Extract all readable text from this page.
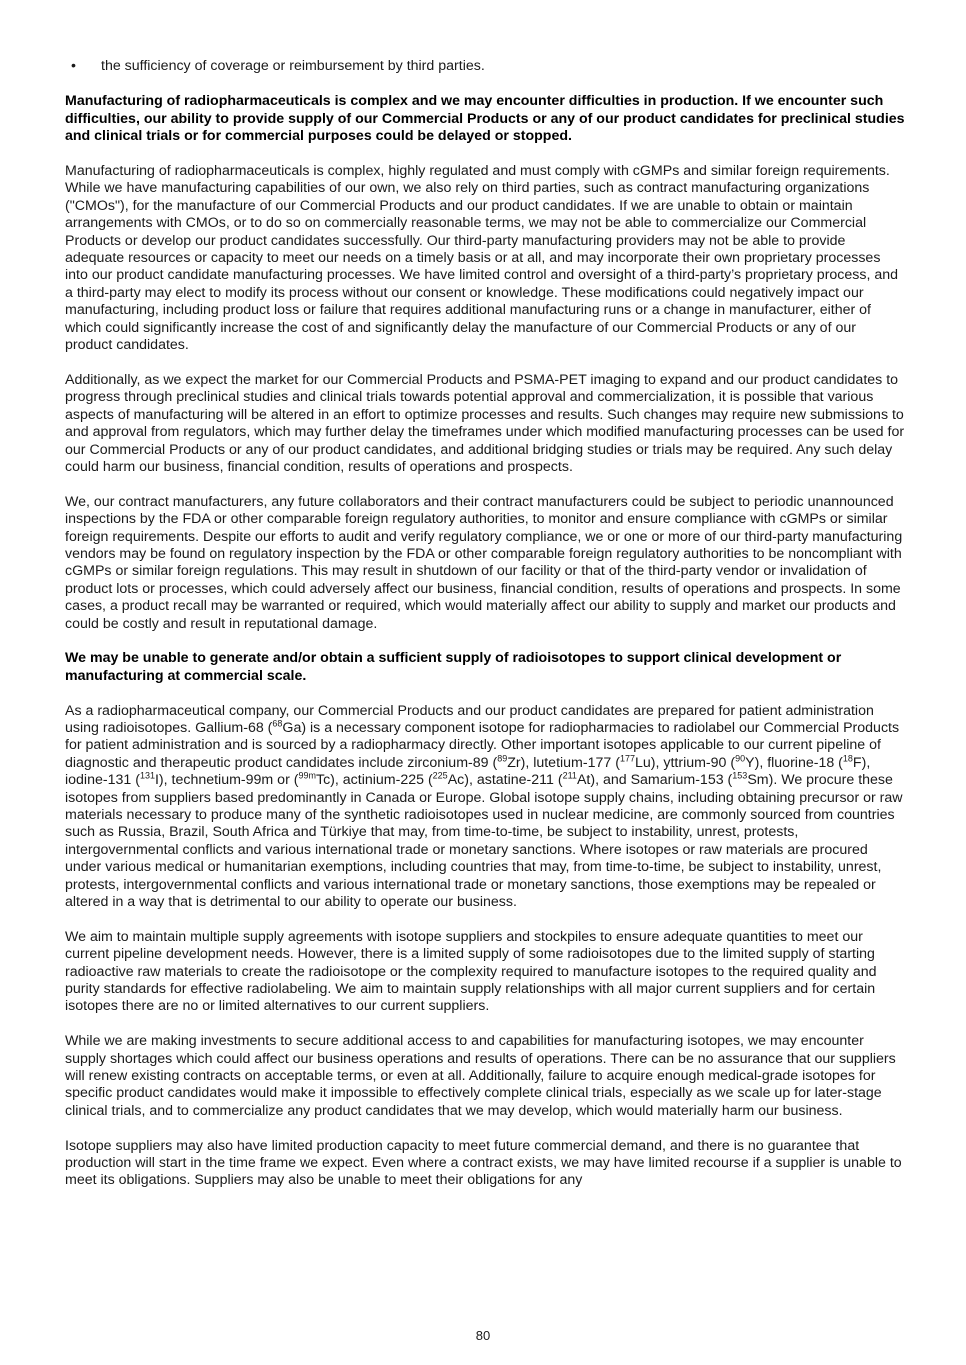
•	the sufficiency of coverage or reimbursement by third parties.
Manufacturing of radiopharmaceuticals is complex and we may encounter difficulties in production. If we encounter such difficulties, our ability to provide supply of our Commercial Products or any of our product candidates for preclinical studies and clinical trials or for commercial purposes could be delayed or stopped.

Manufacturing of radiopharmaceuticals is complex, highly regulated and must comply with cGMPs and similar foreign requirements. While we have manufacturing capabilities of our own, we also rely on third parties, such as contract manufacturing organizations ("CMOs"), for the manufacture of our Commercial Products and our product candidates. If we are unable to obtain or maintain arrangements with CMOs, or to do so on commercially reasonable terms, we may not be able to commercialize our Commercial Products or develop our product candidates successfully. Our third-party manufacturing providers may not be able to provide adequate resources or capacity to meet our needs on a timely basis or at all, and may incorporate their own proprietary processes into our product candidate manufacturing processes. We have limited control and oversight of a third-party’s proprietary process, and a third-party may elect to modify its process without our consent or knowledge. These modifications could negatively impact our manufacturing, including product loss or failure that requires additional manufacturing runs or a change in manufacturer, either of which could significantly increase the cost of and significantly delay the manufacture of our Commercial Products or any of our product candidates.

Additionally, as we expect the market for our Commercial Products and PSMA-PET imaging to expand and our product candidates to progress through preclinical studies and clinical trials towards potential approval and commercialization, it is possible that various aspects of manufacturing will be altered in an effort to optimize processes and results. Such changes may require new submissions to and approval from regulators, which may further delay the timeframes under which modified manufacturing processes can be used for our Commercial Products or any of our product candidates, and additional bridging studies or trials may be required. Any such delay could harm our business, financial condition, results of operations and prospects.

We, our contract manufacturers, any future collaborators and their contract manufacturers could be subject to periodic unannounced inspections by the FDA or other comparable foreign regulatory authorities, to monitor and ensure compliance with cGMPs or similar foreign requirements. Despite our efforts to audit and verify regulatory compliance, we or one or more of our third-party manufacturing vendors may be found on regulatory inspection by the FDA or other comparable foreign regulatory authorities to be noncompliant with cGMPs or similar foreign regulations. This may result in shutdown of our facility or that of the third-party vendor or invalidation of product lots or processes, which could adversely affect our business, financial condition, results of operations and prospects. In some cases, a product recall may be warranted or required, which would materially affect our ability to supply and market our products and could be costly and result in reputational damage.

We may be unable to generate and/or obtain a sufficient supply of radioisotopes to support clinical development or manufacturing at commercial scale.

As a radiopharmaceutical company, our Commercial Products and our product candidates are prepared for patient administration using radioisotopes. Gallium-68 ($^{68}$Ga) is a necessary component isotope for radiopharmacies to radiolabel our Commercial Products for patient administration and is sourced by a radiopharmacy directly. Other important isotopes applicable to our current pipeline of diagnostic and therapeutic product candidates include zirconium-89 ($^{89}$Zr), lutetium-177 ($^{177}$Lu), yttrium-90 ($^{90}$Y), fluorine-18 ($^{18}$F), iodine-131 ($^{131}$I), technetium-99m or ($^{99m}$Tc), actinium-225 ($^{225}$Ac), astatine-211 ($^{211}$At), and Samarium-153 ($^{153}$Sm). We procure these isotopes from suppliers based predominantly in Canada or Europe. Global isotope supply chains, including obtaining precursor or raw materials necessary to produce many of the synthetic radioisotopes used in nuclear medicine, are commonly sourced from countries such as Russia, Brazil, South Africa and Türkiye that may, from time-to-time, be subject to instability, unrest, protests, intergovernmental conflicts and various international trade or monetary sanctions. Where isotopes or raw materials are procured under various medical or humanitarian exemptions, including countries that may, from time-to-time, be subject to instability, unrest, protests, intergovernmental conflicts and various international trade or monetary sanctions, those exemptions may be repealed or altered in a way that is detrimental to our ability to operate our business.

We aim to maintain multiple supply agreements with isotope suppliers and stockpiles to ensure adequate quantities to meet our current pipeline development needs. However, there is a limited supply of some radioisotopes due to the limited supply of starting radioactive raw materials to create the radioisotope or the complexity required to manufacture isotopes to the required quality and purity standards for effective radiolabeling. We aim to maintain supply relationships with all major current suppliers and for certain isotopes there are no or limited alternatives to our current suppliers.

While we are making investments to secure additional access to and capabilities for manufacturing isotopes, we may encounter supply shortages which could affect our business operations and results of operations. There can be no assurance that our suppliers will renew existing contracts on acceptable terms, or even at all. Additionally, failure to acquire enough medical-grade isotopes for specific product candidates would make it impossible to effectively complete clinical trials, especially as we scale up for later-stage clinical trials, and to commercialize any product candidates that we may develop, which would materially harm our business.

Isotope suppliers may also have limited production capacity to meet future commercial demand, and there is no guarantee that production will start in the time frame we expect. Even where a contract exists, we may have limited recourse if a supplier is unable to meet its obligations. Suppliers may also be unable to meet their obligations for any

80
